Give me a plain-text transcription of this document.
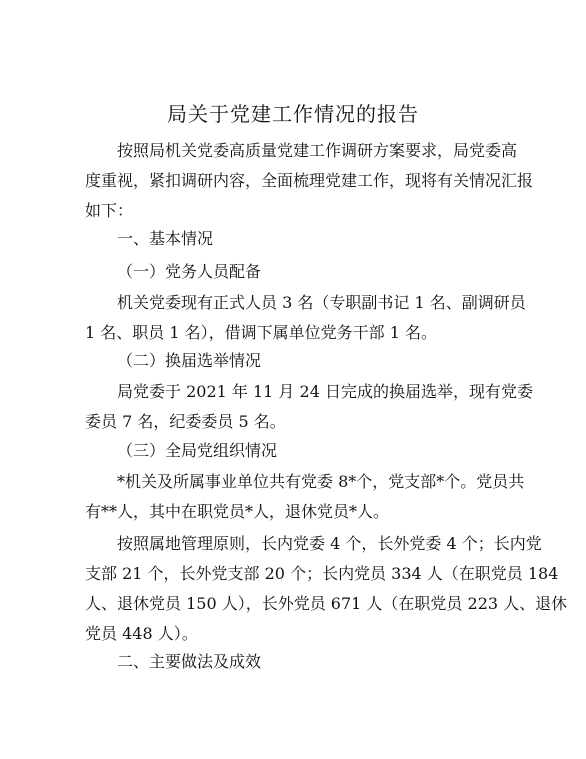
局关于党建工作情况的报告
按照局机关党委高质量党建工作调研方案要求，局党委高
度重视，紧扣调研内容，全面梳理党建工作，现将有关情况汇报
如下：
一、基本情况
（一）党务人员配备
机关党委现有正式人员 3 名（专职副书记 1 名、副调研员
1 名、职员 1 名），借调下属单位党务干部 1 名。
（二）换届选举情况
局党委于 2021 年 11 月 24 日完成的换届选举，现有党委
委员 7 名，纪委委员 5 名。
（三）全局党组织情况
*机关及所属事业单位共有党委 8*个，党支部*个。党员共
有**人，其中在职党员*人，退休党员*人。
按照属地管理原则，长内党委 4 个，长外党委 4 个；长内党
支部 21 个，长外党支部 20 个；长内党员 334 人（在职党员 184
人、退休党员 150 人），长外党员 671 人（在职党员 223 人、退休
党员 448 人）。
二、主要做法及成效
